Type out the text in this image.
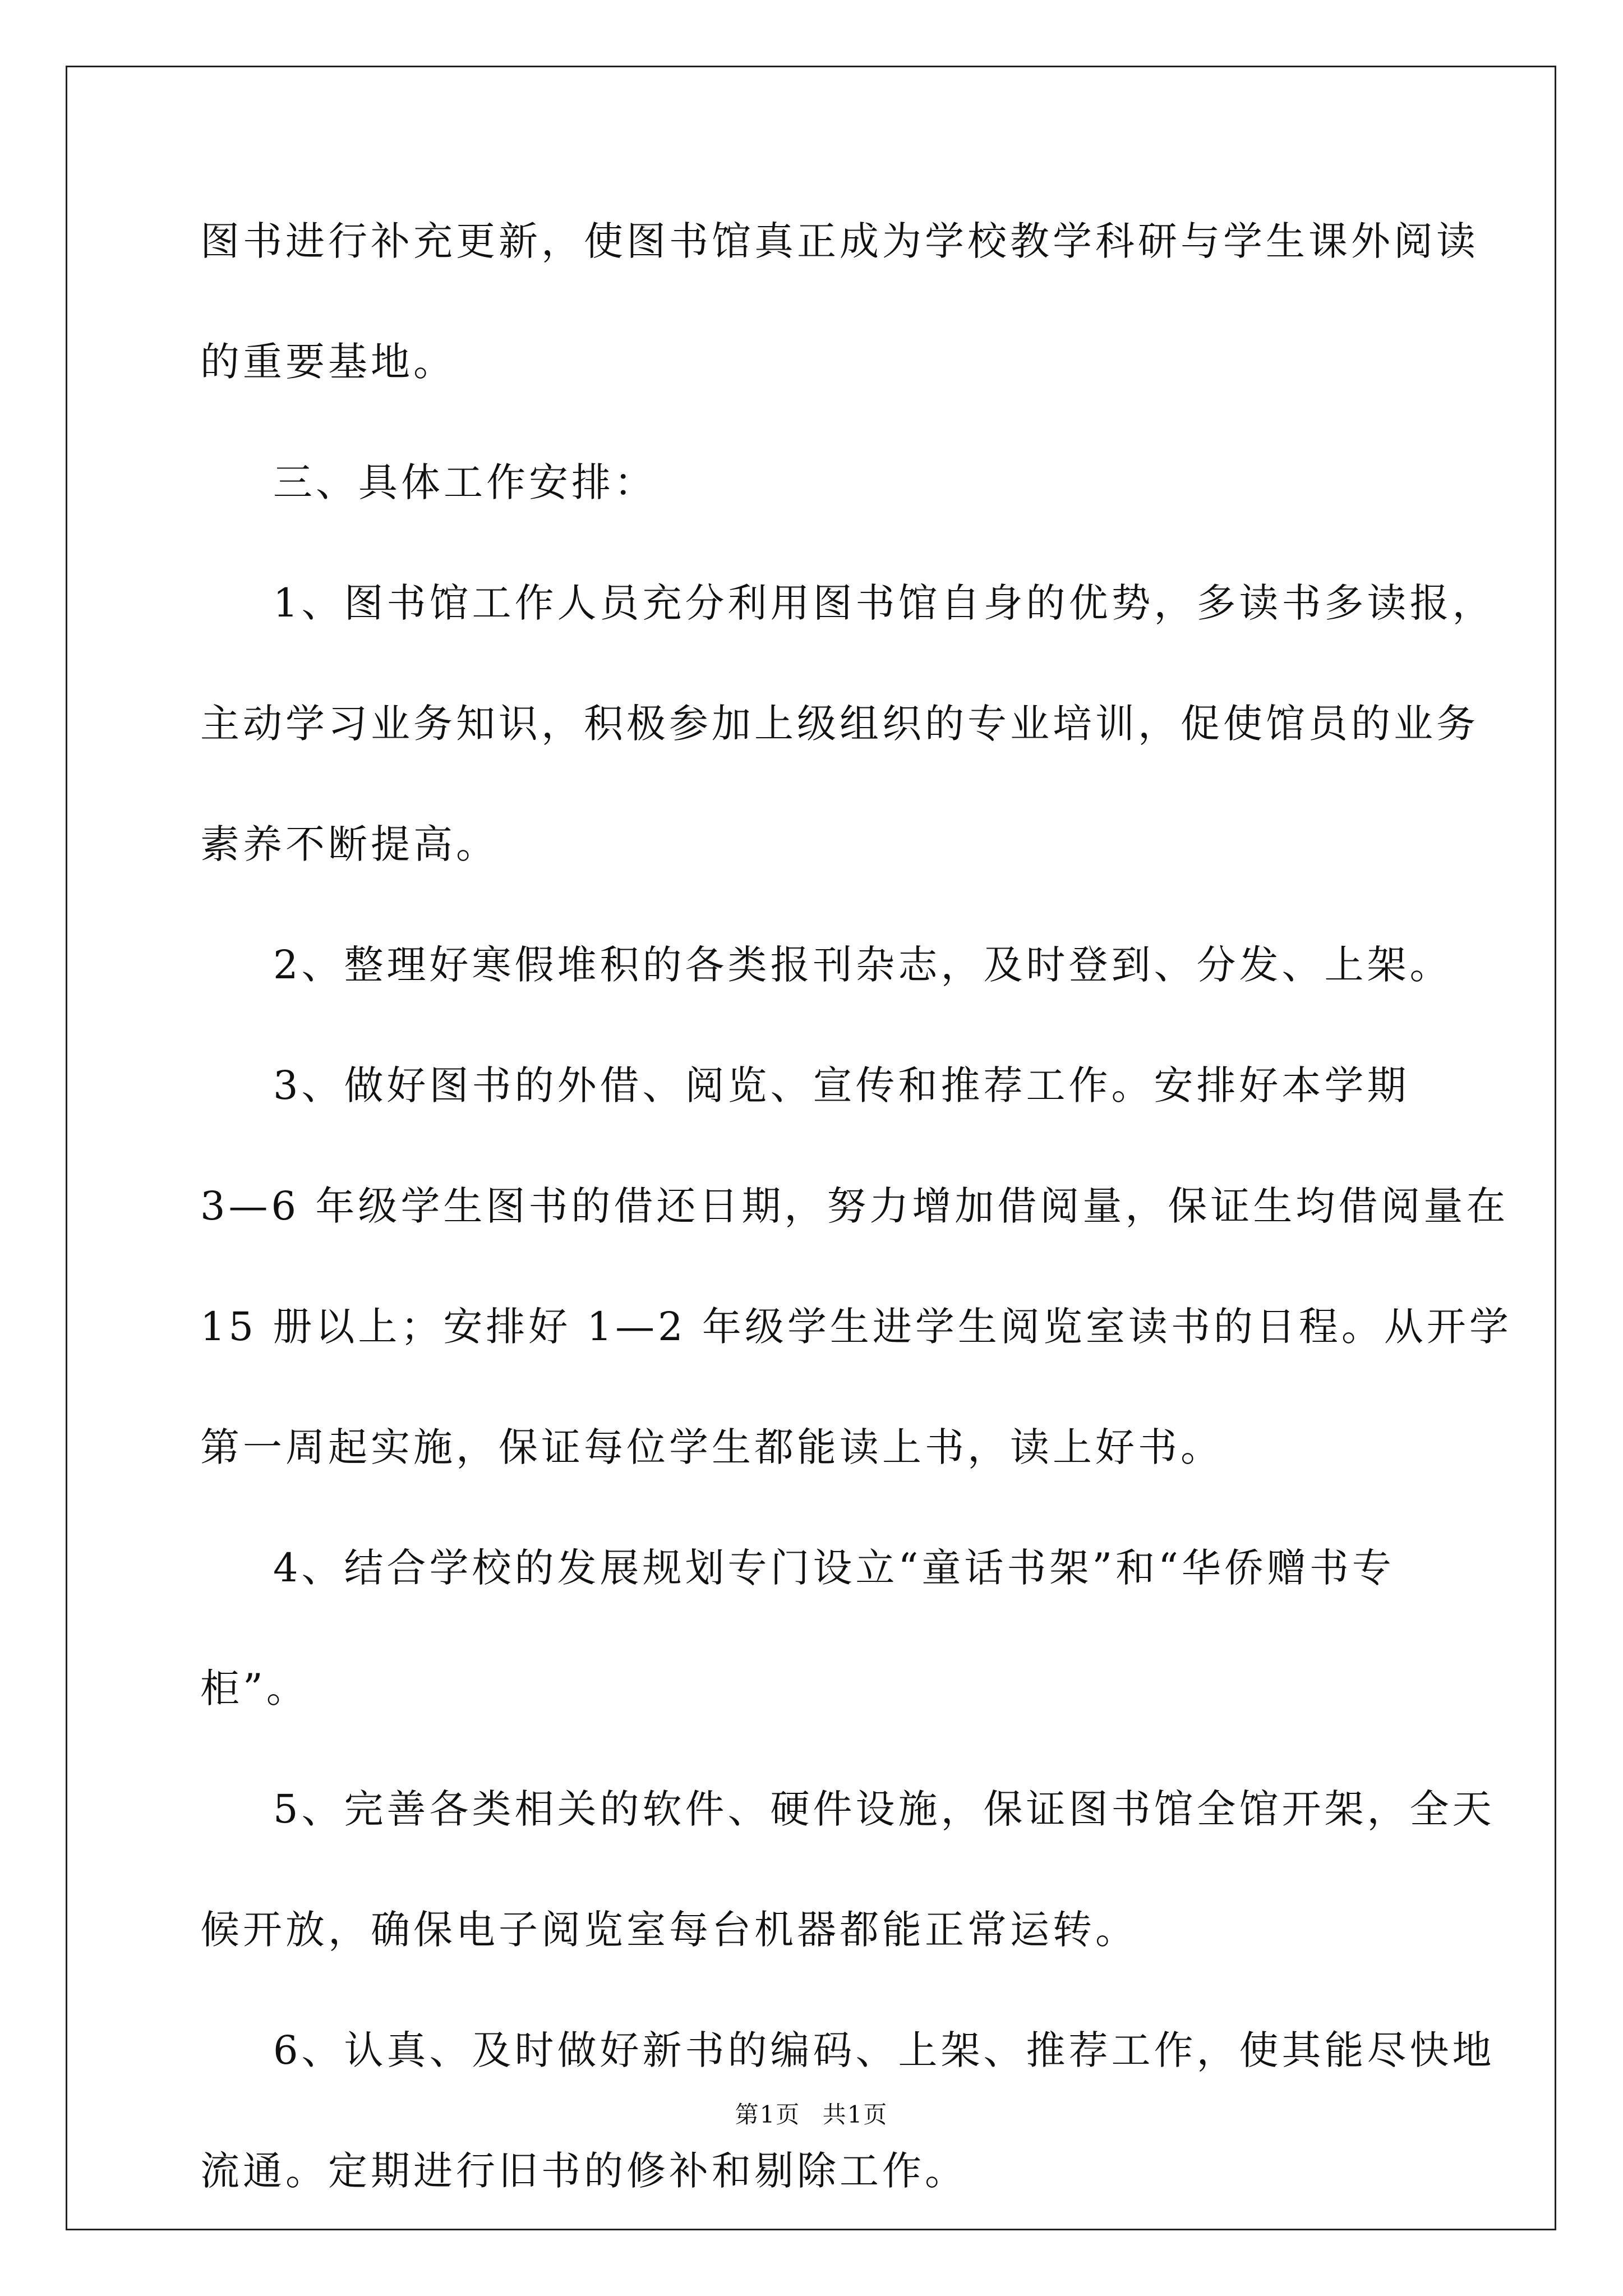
图书进行补充更新，使图书馆真正成为学校教学科研与学生课外阅读
的重要基地。
三、具体工作安排：
1、图书馆工作人员充分利用图书馆自身的优势，多读书多读报，
主动学习业务知识，积极参加上级组织的专业培训，促使馆员的业务
素养不断提高。
2、整理好寒假堆积的各类报刊杂志，及时登到、分发、上架。
3、做好图书的外借、阅览、宣传和推荐工作。安排好本学期
3—6 年级学生图书的借还日期，努力增加借阅量，保证生均借阅量在
15 册以上；安排好 1—2 年级学生进学生阅览室读书的日程。从开学
第一周起实施，保证每位学生都能读上书，读上好书。
4、结合学校的发展规划专门设立“童话书架”和“华侨赠书专
柜”。
5、完善各类相关的软件、硬件设施，保证图书馆全馆开架，全天
候开放，确保电子阅览室每台机器都能正常运转。
6、认真、及时做好新书的编码、上架、推荐工作，使其能尽快地
流通。定期进行旧书的修补和剔除工作。
第1页 共1页
